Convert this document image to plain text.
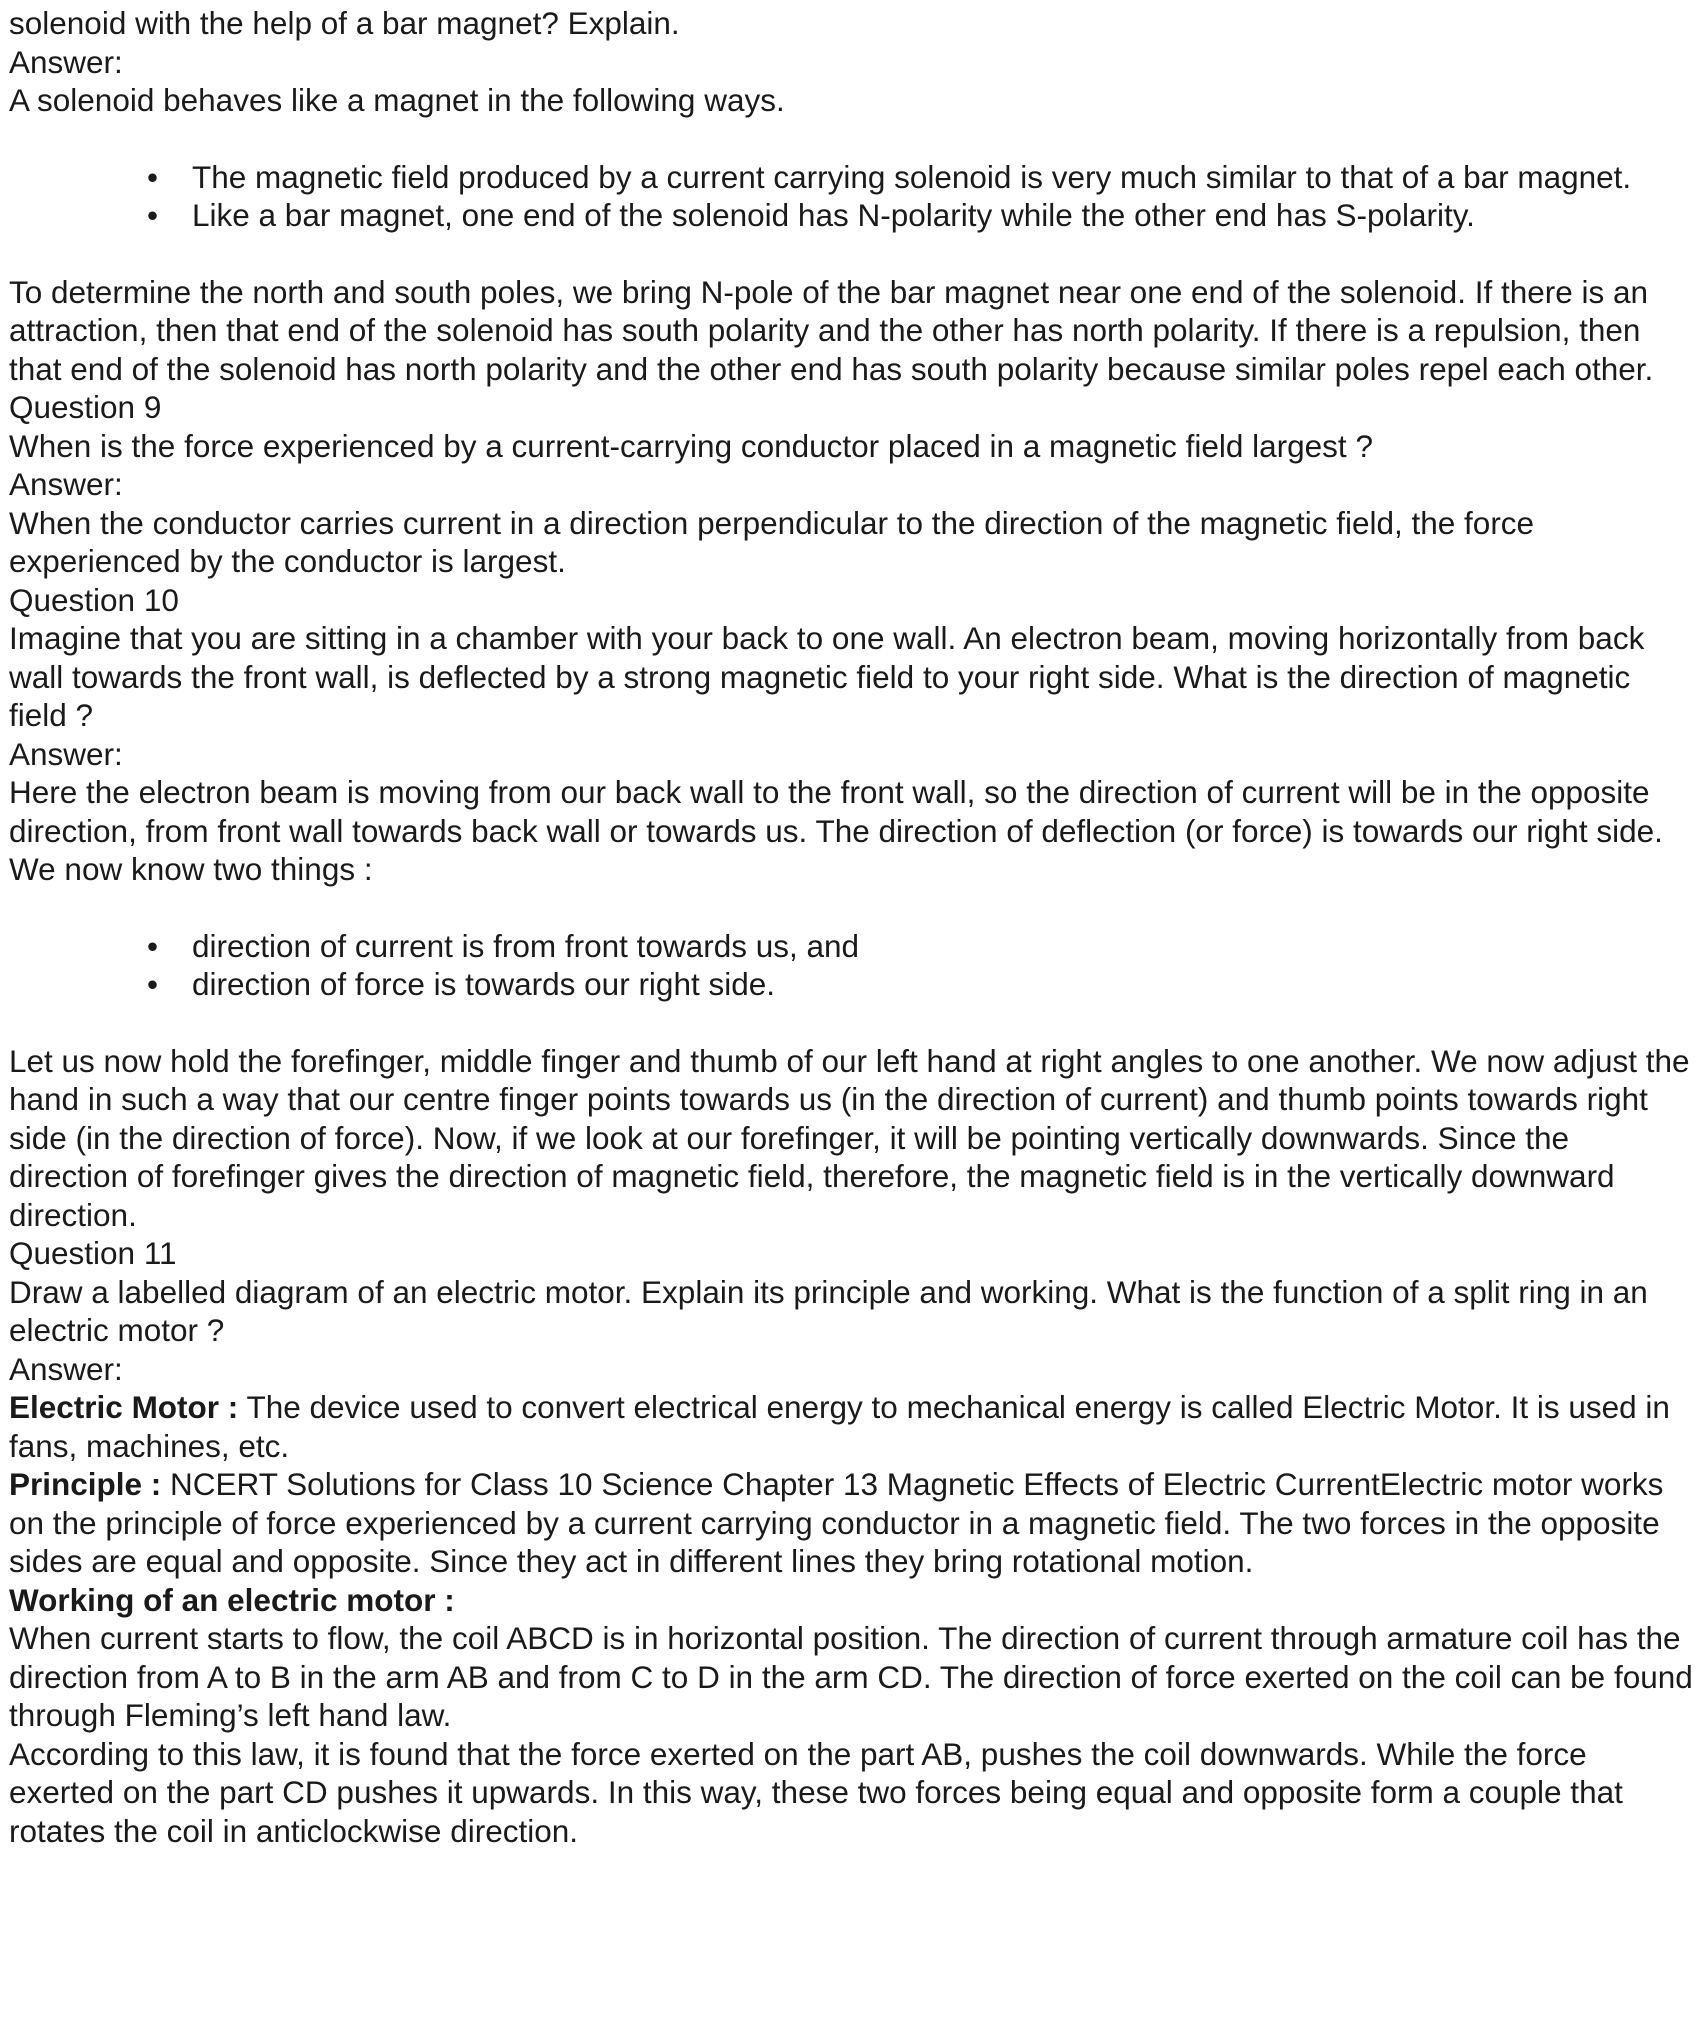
solenoid with the help of a bar magnet? Explain.

Answer:

A solenoid behaves like a magnet in the following ways.

• The magnetic field produced by a current carrying solenoid is very much similar to that of a bar magnet.
• Like a bar magnet, one end of the solenoid has N-polarity while the other end has S-polarity.

To determine the north and south poles, we bring N-pole of the bar magnet near one end of the solenoid. If there is an attraction, then that end of the solenoid has south polarity and the other has north polarity. If there is a repulsion, then that end of the solenoid has north polarity and the other end has south polarity because similar poles repel each other.

Question 9

When is the force experienced by a current-carrying conductor placed in a magnetic field largest ?

Answer:

When the conductor carries current in a direction perpendicular to the direction of the magnetic field, the force experienced by the conductor is largest.

Question 10

Imagine that you are sitting in a chamber with your back to one wall. An electron beam, moving horizontally from back wall towards the front wall, is deflected by a strong magnetic field to your right side. What is the direction of magnetic field ?

Answer:

Here the electron beam is moving from our back wall to the front wall, so the direction of current will be in the opposite direction, from front wall towards back wall or towards us. The direction of deflection (or force) is towards our right side.

We now know two things :

• direction of current is from front towards us, and
• direction of force is towards our right side.

Let us now hold the forefinger, middle finger and thumb of our left hand at right angles to one another. We now adjust the hand in such a way that our centre finger points towards us (in the direction of current) and thumb points towards right side (in the direction of force). Now, if we look at our forefinger, it will be pointing vertically downwards. Since the direction of forefinger gives the direction of magnetic field, therefore, the magnetic field is in the vertically downward direction.

Question 11

Draw a labelled diagram of an electric motor. Explain its principle and working. What is the function of a split ring in an electric motor ?

Answer:

Electric Motor : The device used to convert electrical energy to mechanical energy is called Electric Motor. It is used in fans, machines, etc.

Principle : NCERT Solutions for Class 10 Science Chapter 13 Magnetic Effects of Electric CurrentElectric motor works on the principle of force experienced by a current carrying conductor in a magnetic field. The two forces in the opposite sides are equal and opposite. Since they act in different lines they bring rotational motion.

Working of an electric motor :

When current starts to flow, the coil ABCD is in horizontal position. The direction of current through armature coil has the direction from A to B in the arm AB and from C to D in the arm CD. The direction of force exerted on the coil can be found through Fleming’s left hand law.

According to this law, it is found that the force exerted on the part AB, pushes the coil downwards. While the force exerted on the part CD pushes it upwards. In this way, these two forces being equal and opposite form a couple that rotates the coil in anticlockwise direction.
